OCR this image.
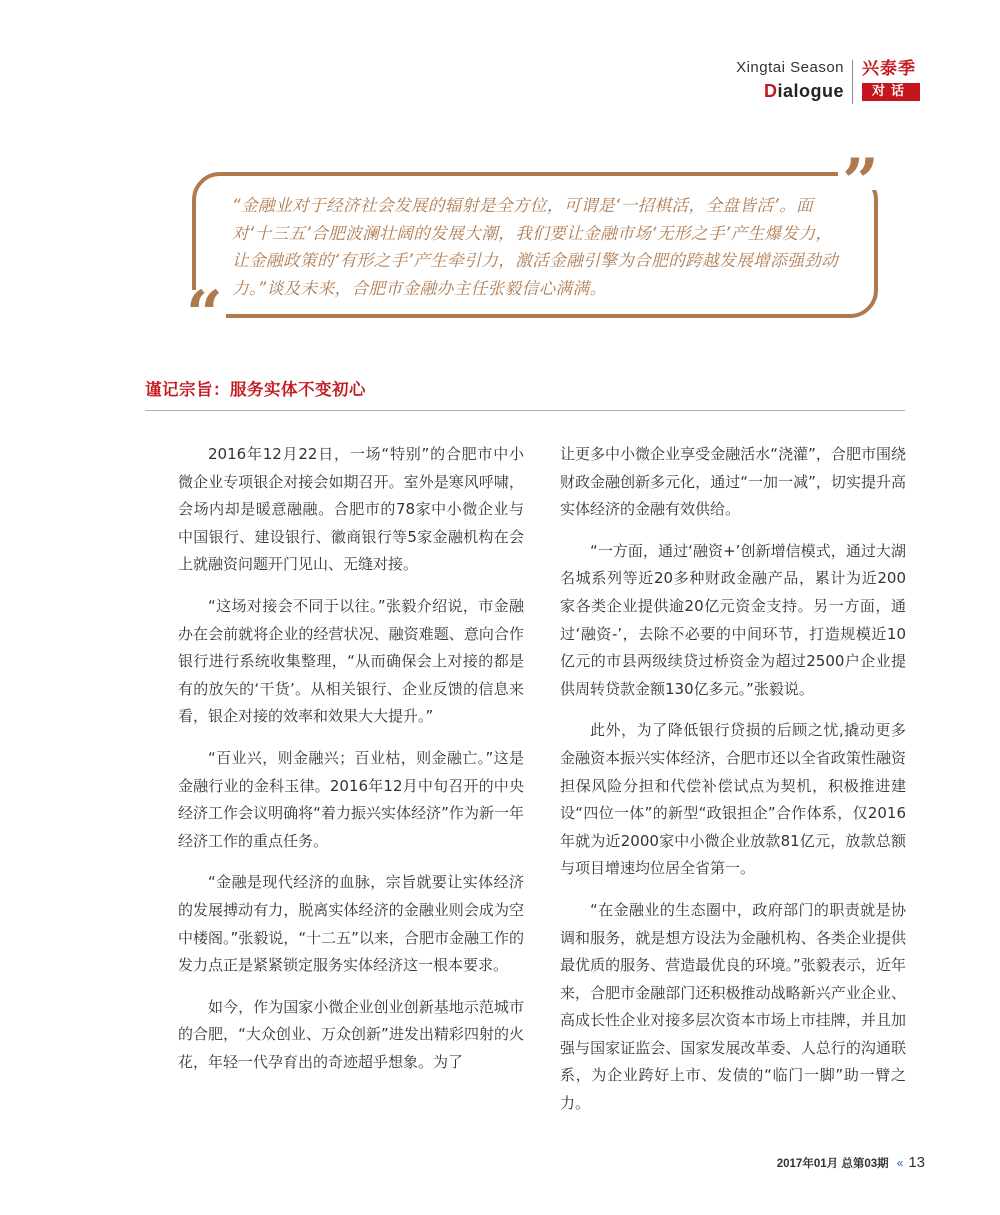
Xingtai Season
Dialogue
兴泰季
对话
”
“
“金融业对于经济社会发展的辐射是全方位，可谓是‘一招棋活，全盘皆活’。面对‘十三五’合肥波澜壮阔的发展大潮，我们要让金融市场‘无形之手’产生爆发力，让金融政策的‘有形之手’产生牵引力，激活金融引擎为合肥的跨越发展增添强劲动力。”谈及未来，合肥市金融办主任张毅信心满满。
谨记宗旨：服务实体不变初心

2016年12月22日，一场“特别”的合肥市中小微企业专项银企对接会如期召开。室外是寒风呼啸，会场内却是暖意融融。合肥市的78家中小微企业与中国银行、建设银行、徽商银行等5家金融机构在会上就融资问题开门见山、无缝对接。

“这场对接会不同于以往。”张毅介绍说，市金融办在会前就将企业的经营状况、融资难题、意向合作银行进行系统收集整理，“从而确保会上对接的都是有的放矢的‘干货’。从相关银行、企业反馈的信息来看，银企对接的效率和效果大大提升。”

“百业兴，则金融兴；百业枯，则金融亡。”这是金融行业的金科玉律。2016年12月中旬召开的中央经济工作会议明确将“着力振兴实体经济”作为新一年经济工作的重点任务。

“金融是现代经济的血脉，宗旨就要让实体经济的发展搏动有力，脱离实体经济的金融业则会成为空中楼阁。”张毅说，“十二五”以来，合肥市金融工作的发力点正是紧紧锁定服务实体经济这一根本要求。

如今，作为国家小微企业创业创新基地示范城市的合肥，“大众创业、万众创新”进发出精彩四射的火花，年轻一代孕育出的奇迹超乎想象。为了

让更多中小微企业享受金融活水“浇灌”，合肥市围绕财政金融创新多元化，通过“一加一减”，切实提升高实体经济的金融有效供给。

“一方面，通过‘融资+’创新增信模式，通过大湖名城系列等近20多种财政金融产品，累计为近200家各类企业提供逾20亿元资金支持。另一方面，通过‘融资-’，去除不必要的中间环节，打造规模近10亿元的市县两级续贷过桥资金为超过2500户企业提供周转贷款金额130亿多元。”张毅说。

此外，为了降低银行贷损的后顾之忧,撬动更多金融资本振兴实体经济，合肥市还以全省政策性融资担保风险分担和代偿补偿试点为契机，积极推进建设“四位一体”的新型“政银担企”合作体系，仅2016年就为近2000家中小微企业放款81亿元，放款总额与项目增速均位居全省第一。

“在金融业的生态圈中，政府部门的职责就是协调和服务，就是想方设法为金融机构、各类企业提供最优质的服务、营造最优良的环境。”张毅表示，近年来，合肥市金融部门还积极推动战略新兴产业企业、高成长性企业对接多层次资本市场上市挂牌，并且加强与国家证监会、国家发展改革委、人总行的沟通联系，为企业跨好上市、发债的“临门一脚”助一臂之力。

2017年01月 总第03期 « 13
